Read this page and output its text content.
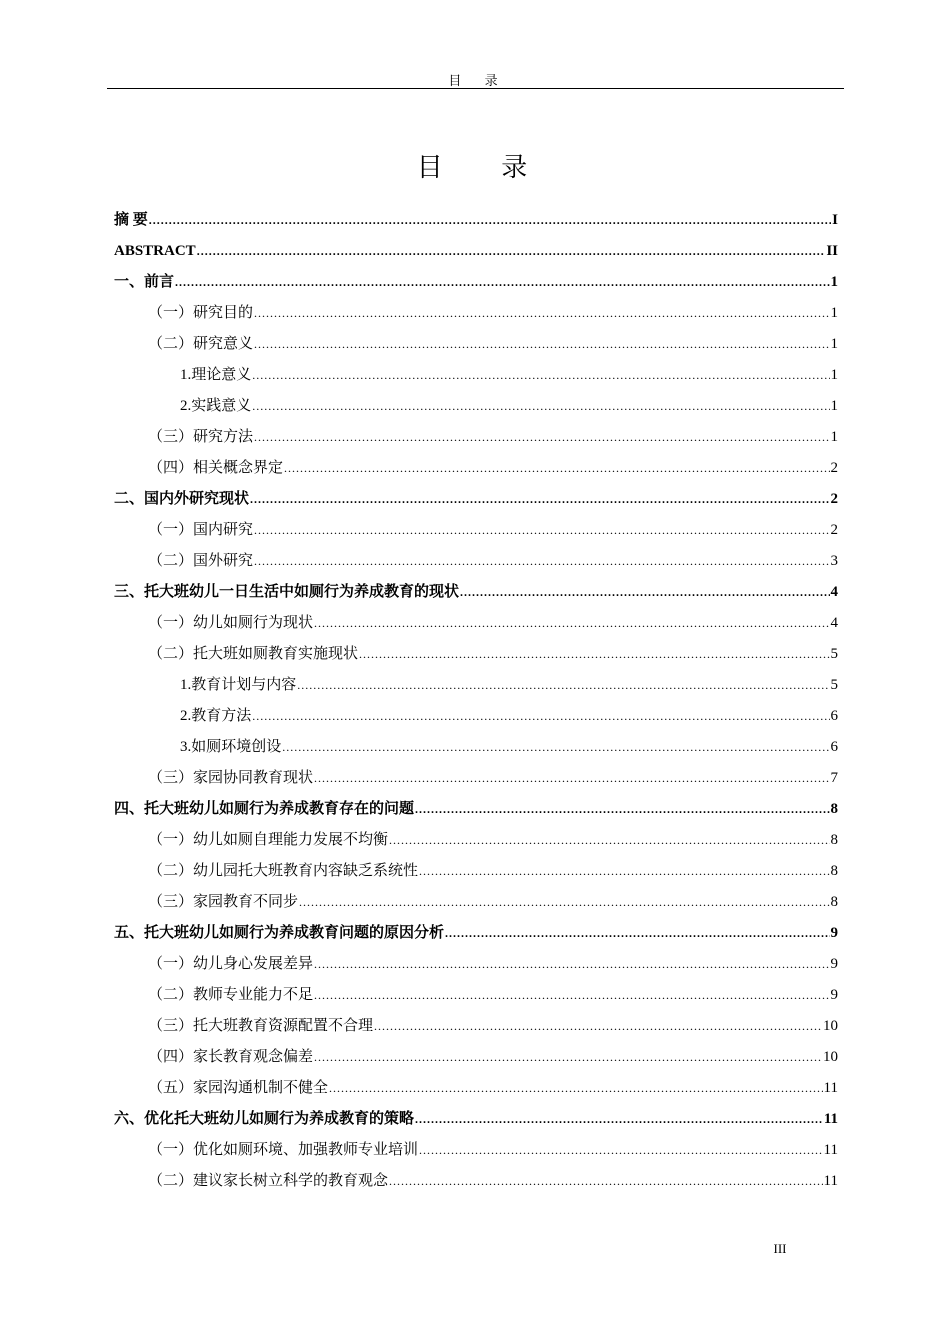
目 录
目 录
摘 要 .....	I
ABSTRACT .....	II
一、前言 .....	1
（一）研究目的 .....	1
（二）研究意义 .....	1
1.理论意义 .....	1
2.实践意义 .....	1
（三）研究方法 .....	1
（四）相关概念界定 .....	2
二、国内外研究现状 .....	2
（一）国内研究 .....	2
（二）国外研究 .....	3
三、托大班幼儿一日生活中如厕行为养成教育的现状 .....	4
（一）幼儿如厕行为现状 .....	4
（二）托大班如厕教育实施现状 .....	5
1.教育计划与内容 .....	5
2.教育方法 .....	6
3.如厕环境创设 .....	6
（三）家园协同教育现状 .....	7
四、托大班幼儿如厕行为养成教育存在的问题 .....	8
（一）幼儿如厕自理能力发展不均衡 .....	8
（二）幼儿园托大班教育内容缺乏系统性 .....	8
（三）家园教育不同步 .....	8
五、托大班幼儿如厕行为养成教育问题的原因分析 .....	9
（一）幼儿身心发展差异 .....	9
（二）教师专业能力不足 .....	9
（三）托大班教育资源配置不合理 .....	10
（四）家长教育观念偏差 .....	10
（五）家园沟通机制不健全 .....	11
六、优化托大班幼儿如厕行为养成教育的策略 .....	11
（一）优化如厕环境、加强教师专业培训 .....	11
（二）建议家长树立科学的教育观念 .....	11
III
